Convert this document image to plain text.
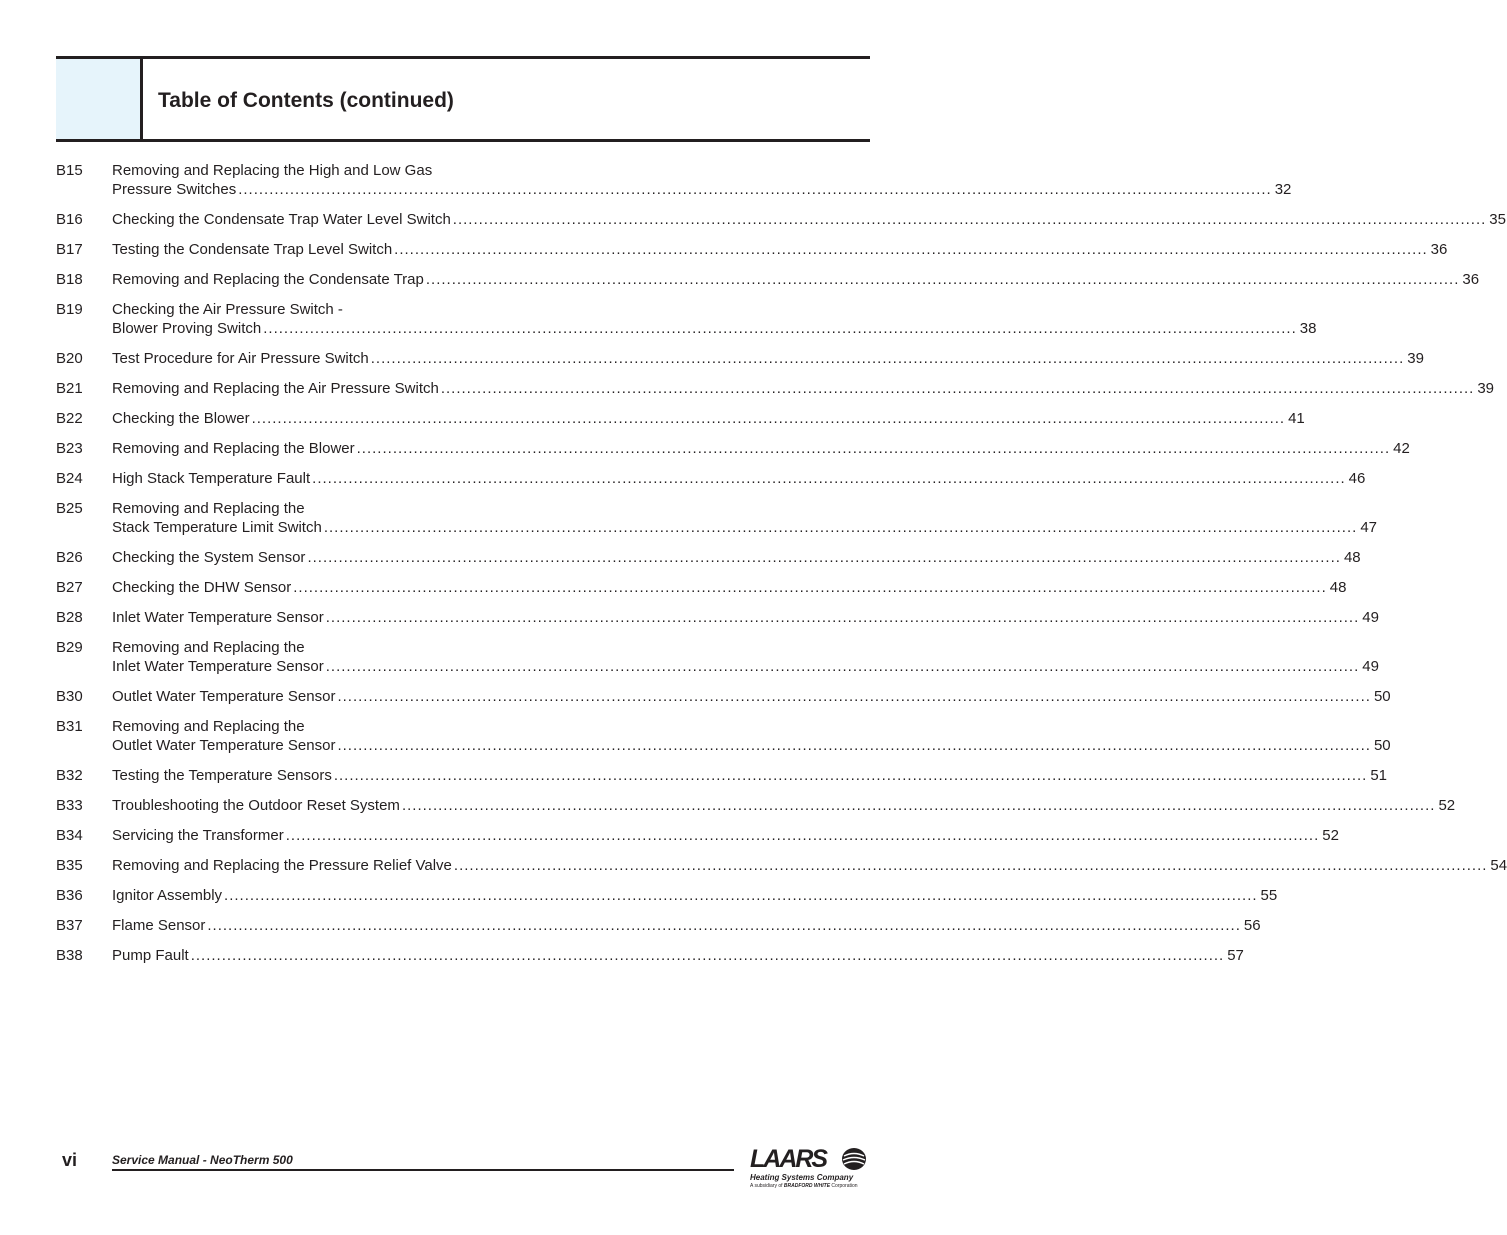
Table of Contents (continued)
B15	Removing and Replacing the High and Low Gas
Pressure Switches ........................................................................................................................................................................................................ 32
B16	Checking the Condensate Trap Water Level Switch ........................................................................................................................................................................................................ 35
B17	Testing the Condensate Trap Level Switch ........................................................................................................................................................................................................ 36
B18	Removing and Replacing the Condensate Trap ........................................................................................................................................................................................................ 36
B19	Checking the Air Pressure Switch -
Blower Proving Switch ........................................................................................................................................................................................................ 38
B20	Test Procedure for Air Pressure Switch ........................................................................................................................................................................................................ 39
B21	Removing and Replacing the Air Pressure Switch ........................................................................................................................................................................................................ 39
B22	Checking the Blower ........................................................................................................................................................................................................ 41
B23	Removing and Replacing the Blower ........................................................................................................................................................................................................ 42
B24	High Stack Temperature Fault ........................................................................................................................................................................................................ 46
B25	Removing and Replacing the
Stack Temperature Limit Switch ........................................................................................................................................................................................................ 47
B26	Checking the System Sensor ........................................................................................................................................................................................................ 48
B27	Checking the DHW Sensor ........................................................................................................................................................................................................ 48
B28	Inlet Water Temperature Sensor ........................................................................................................................................................................................................ 49
B29	Removing and Replacing the
Inlet Water Temperature Sensor ........................................................................................................................................................................................................ 49
B30	Outlet Water Temperature Sensor ........................................................................................................................................................................................................ 50
B31	Removing and Replacing the
Outlet Water Temperature Sensor ........................................................................................................................................................................................................ 50
B32	Testing the Temperature Sensors ........................................................................................................................................................................................................ 51
B33	Troubleshooting the Outdoor Reset System ........................................................................................................................................................................................................ 52
B34	Servicing the Transformer ........................................................................................................................................................................................................ 52
B35	Removing and Replacing the Pressure Relief Valve ........................................................................................................................................................................................................ 54
B36	Ignitor Assembly ........................................................................................................................................................................................................ 55
B37	Flame Sensor ........................................................................................................................................................................................................ 56
B38	Pump Fault ........................................................................................................................................................................................................ 57
vi	Service Manual - NeoTherm 500	LAARS
Heating Systems Company
A subsidiary of BRADFORD WHITE Corporation
